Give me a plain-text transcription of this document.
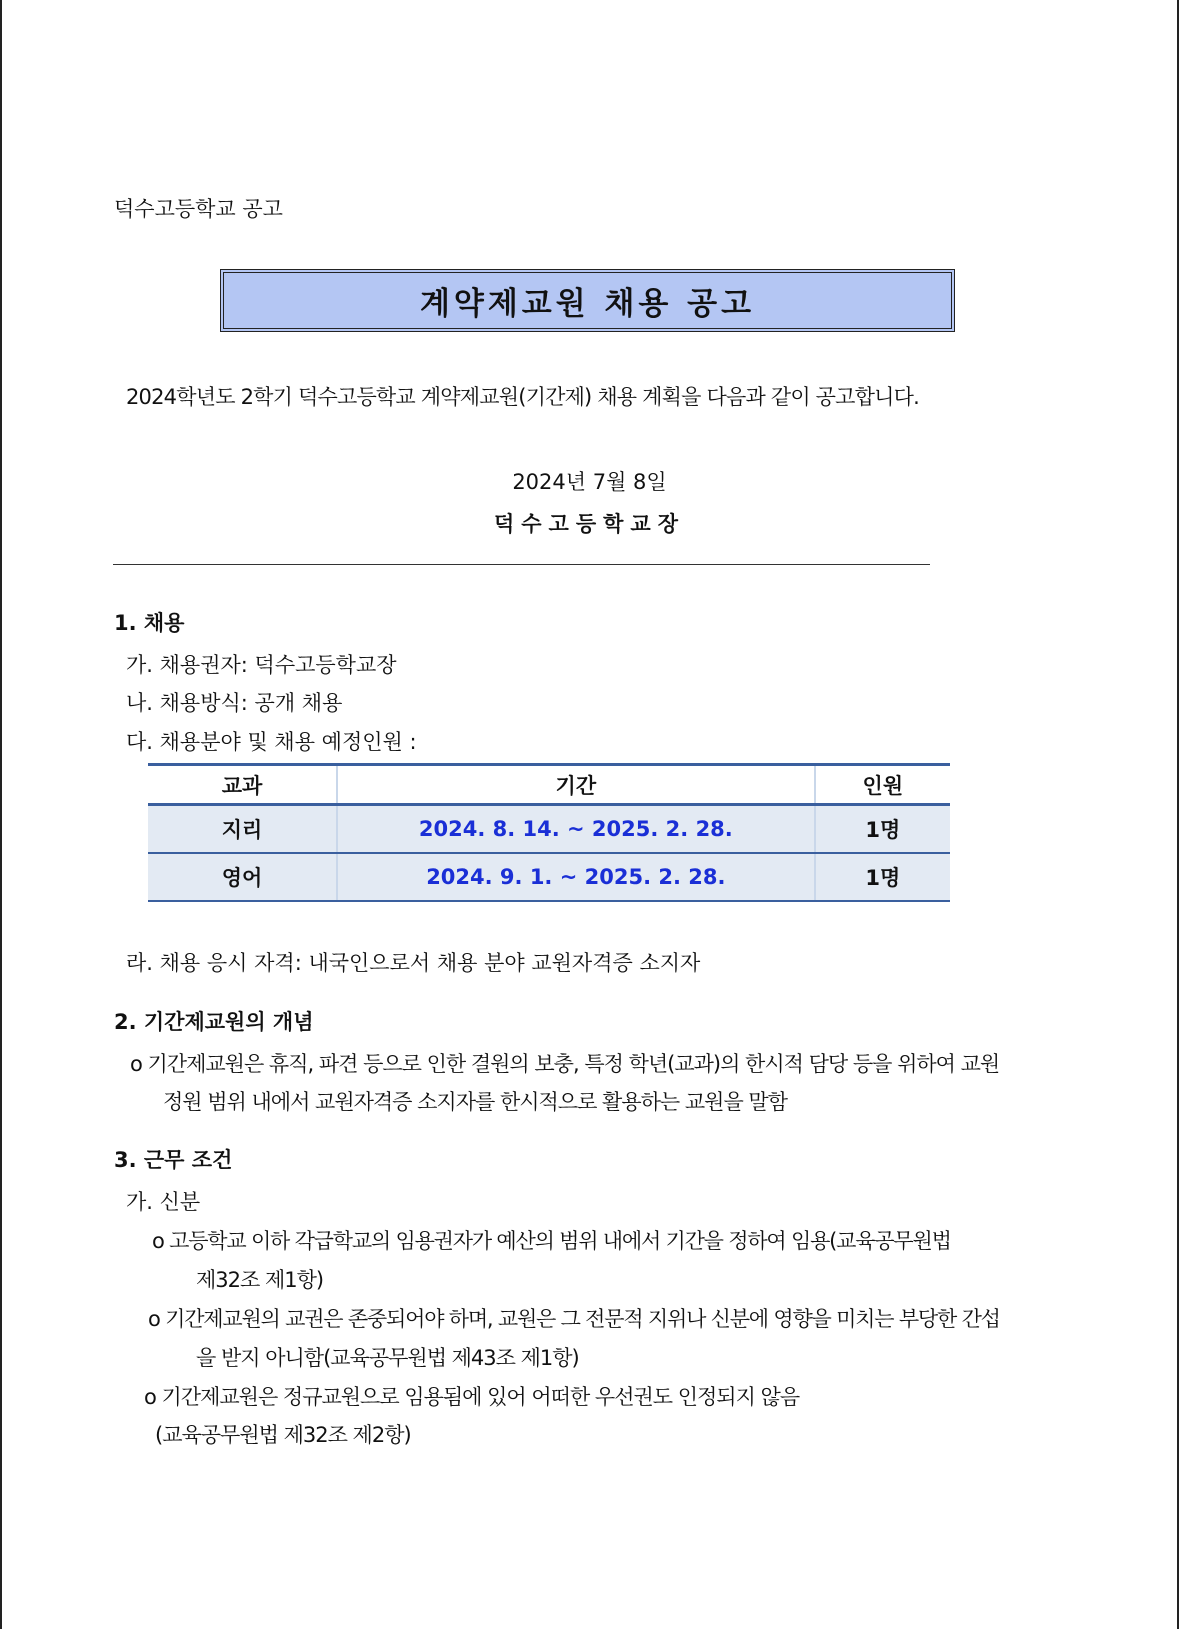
덕수고등학교 공고
계약제교원 채용 공고
2024학년도 2학기 덕수고등학교 계약제교원(기간제) 채용 계획을 다음과 같이 공고합니다.
2024년 7월 8일
덕수고등학교장
1. 채용
가. 채용권자: 덕수고등학교장
나. 채용방식: 공개 채용
다. 채용분야 및 채용 예정인원 :
교과	기간	인원
지리	2024. 8. 14. ~ 2025. 2. 28.	1명
영어	2024. 9. 1. ~ 2025. 2. 28.	1명
라. 채용 응시 자격: 내국인으로서 채용 분야 교원자격증 소지자
2. 기간제교원의 개념
o 기간제교원은 휴직, 파견 등으로 인한 결원의 보충, 특정 학년(교과)의 한시적 담당 등을 위하여 교원
정원 범위 내에서 교원자격증 소지자를 한시적으로 활용하는 교원을 말함
3. 근무 조건
가. 신분
o 고등학교 이하 각급학교의 임용권자가 예산의 범위 내에서 기간을 정하여 임용(교육공무원법
제32조 제1항)
o 기간제교원의 교권은 존중되어야 하며, 교원은 그 전문적 지위나 신분에 영향을 미치는 부당한 간섭
을 받지 아니함(교육공무원법 제43조 제1항)
o 기간제교원은 정규교원으로 임용됨에 있어 어떠한 우선권도 인정되지 않음
(교육공무원법 제32조 제2항)
